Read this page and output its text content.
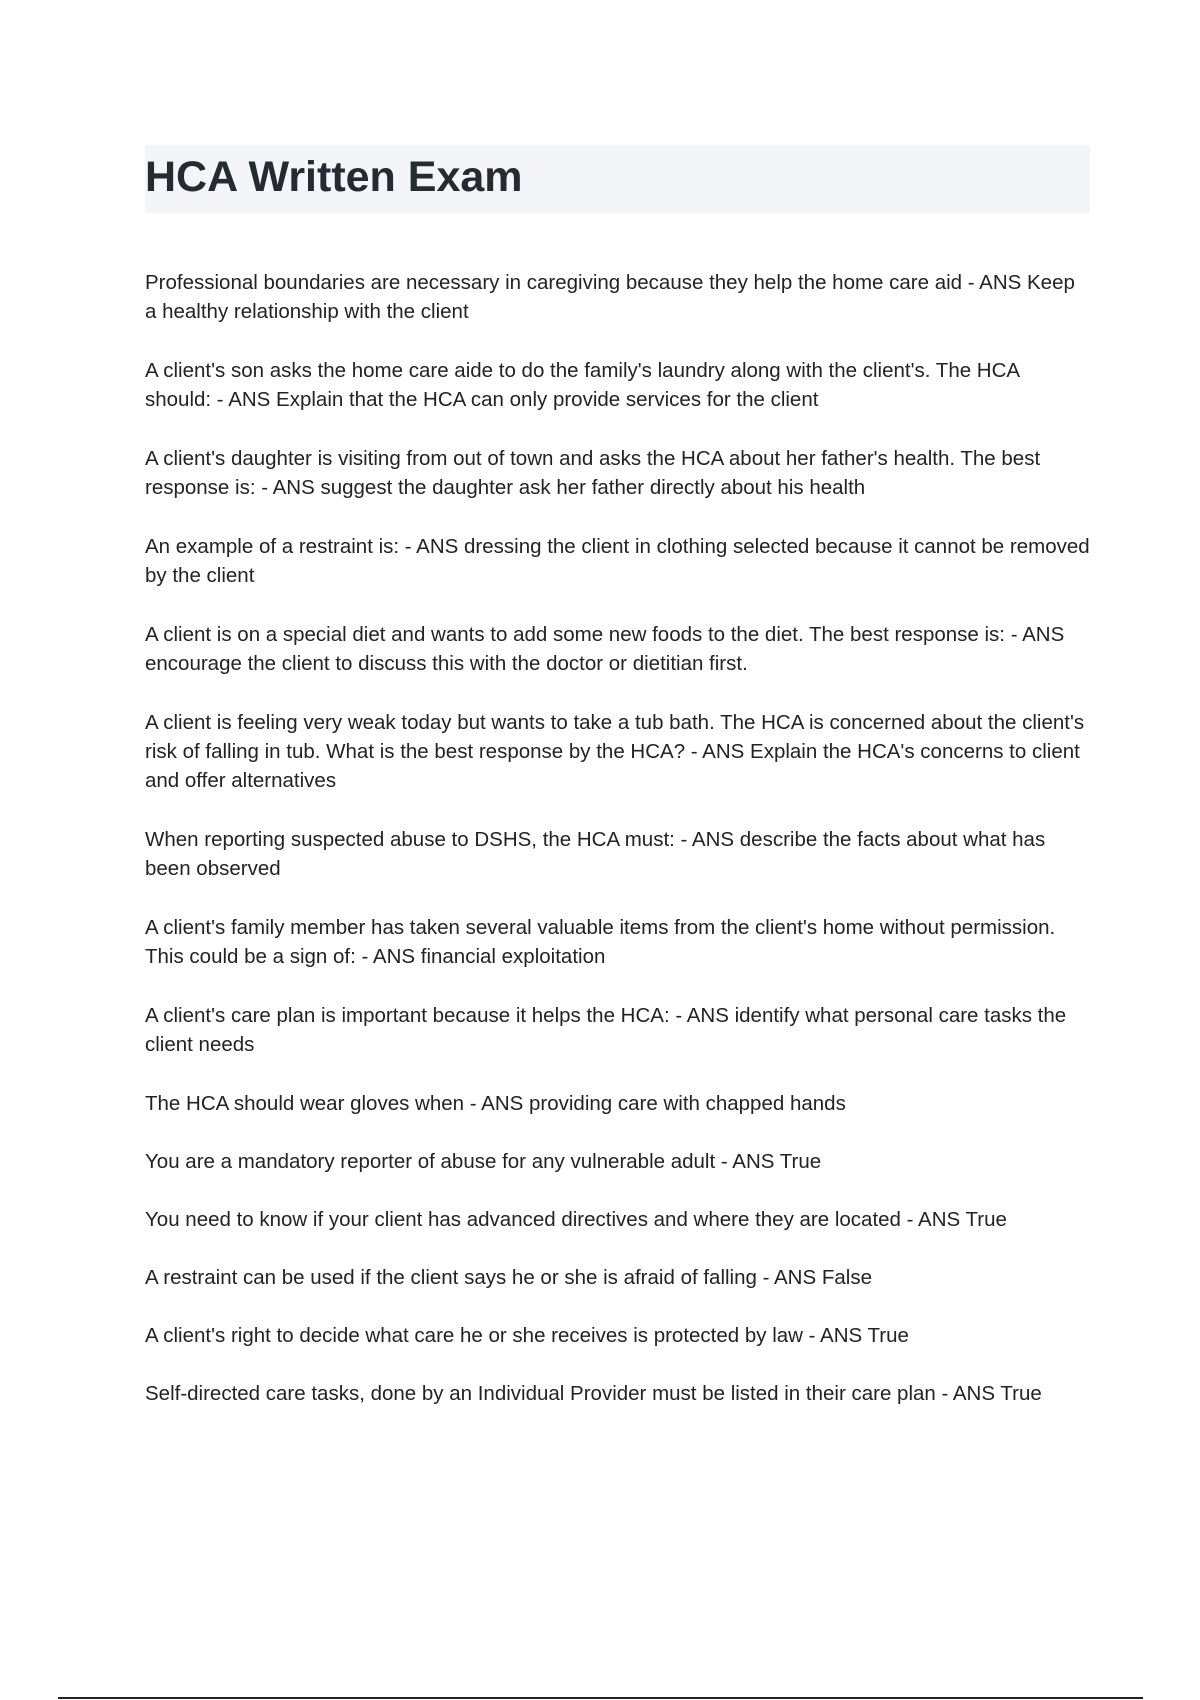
HCA Written Exam
Professional boundaries are necessary in caregiving because they help the home care aid - ANS Keep a healthy relationship with the client
A client's son asks the home care aide to do the family's laundry along with the client's. The HCA should: - ANS Explain that the HCA can only provide services for the client
A client's daughter is visiting from out of town and asks the HCA about her father's health. The best response is: - ANS suggest the daughter ask her father directly about his health
An example of a restraint is: - ANS dressing the client in clothing selected because it cannot be removed by the client
A client is on a special diet and wants to add some new foods to the diet. The best response is: - ANS encourage the client to discuss this with the doctor or dietitian first.
A client is feeling very weak today but wants to take a tub bath. The HCA is concerned about the client's risk of falling in tub. What is the best response by the HCA? - ANS Explain the HCA's concerns to client and offer alternatives
When reporting suspected abuse to DSHS, the HCA must: - ANS describe the facts about what has been observed
A client's family member has taken several valuable items from the client's home without permission. This could be a sign of: - ANS financial exploitation
A client's care plan is important because it helps the HCA: - ANS identify what personal care tasks the client needs
The HCA should wear gloves when - ANS providing care with chapped hands
You are a mandatory reporter of abuse for any vulnerable adult - ANS True
You need to know if your client has advanced directives and where they are located - ANS True
A restraint can be used if the client says he or she is afraid of falling - ANS False
A client's right to decide what care he or she receives is protected by law - ANS True
Self-directed care tasks, done by an Individual Provider must be listed in their care plan - ANS True
